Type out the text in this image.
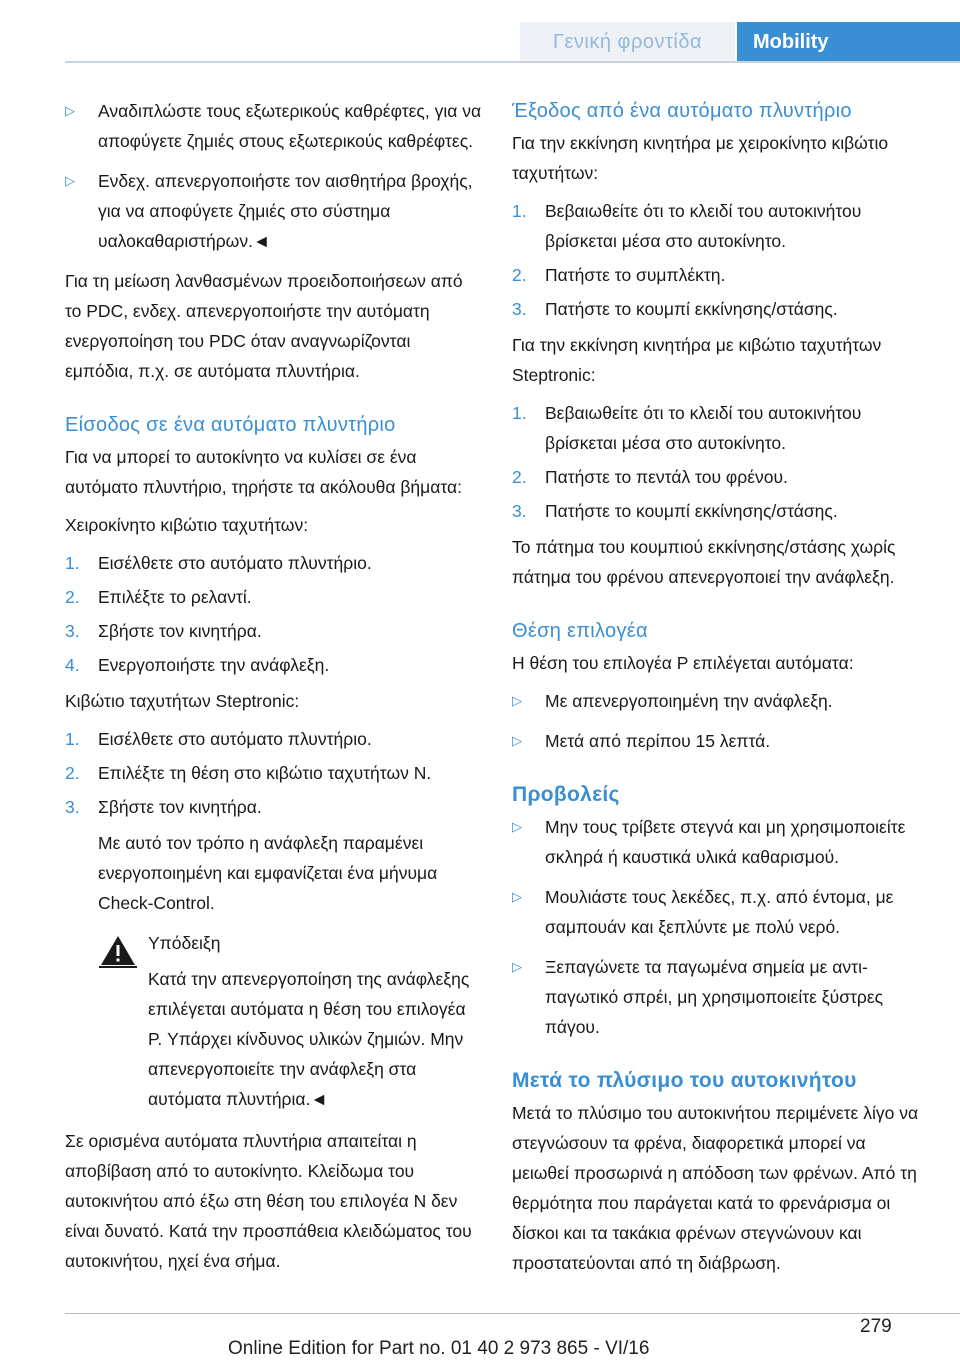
Γενική φροντίδα	Mobility
▷ Αναδιπλώστε τους εξωτερικούς καθρέφτες, για να αποφύγετε ζημιές στους εξωτερικούς καθρέφτες.
▷ Ενδεχ. απενεργοποιήστε τον αισθητήρα βροχής, για να αποφύγετε ζημιές στο σύστημα υαλοκαθαριστήρων.◄

Για τη μείωση λανθασμένων προειδοποιήσεων από το PDC, ενδεχ. απενεργοποιήστε την αυτόματη ενεργοποίηση του PDC όταν αναγνωρίζονται εμπόδια, π.χ. σε αυτόματα πλυντήρια.

Είσοδος σε ένα αυτόματο πλυντήριο

Για να μπορεί το αυτοκίνητο να κυλίσει σε ένα αυτόματο πλυντήριο, τηρήστε τα ακόλουθα βήματα:

Χειροκίνητο κιβώτιο ταχυτήτων:

1. Εισέλθετε στο αυτόματο πλυντήριο.
2. Επιλέξτε το ρελαντί.
3. Σβήστε τον κινητήρα.
4. Ενεργοποιήστε την ανάφλεξη.

Κιβώτιο ταχυτήτων Steptronic:

1. Εισέλθετε στο αυτόματο πλυντήριο.
2. Επιλέξτε τη θέση στο κιβώτιο ταχυτήτων N.
3. Σβήστε τον κινητήρα.

Με αυτό τον τρόπο η ανάφλεξη παραμένει ενεργοποιημένη και εμφανίζεται ένα μήνυμα Check-Control.

Υπόδειξη

Κατά την απενεργοποίηση της ανάφλεξης επιλέγεται αυτόματα η θέση του επιλογέα P. Υπάρχει κίνδυνος υλικών ζημιών. Μην απενεργοποιείτε την ανάφλεξη στα αυτόματα πλυντήρια.◄

Σε ορισμένα αυτόματα πλυντήρια απαιτείται η αποβίβαση από το αυτοκίνητο. Κλείδωμα του αυτοκινήτου από έξω στη θέση του επιλογέα N δεν είναι δυνατό. Κατά την προσπάθεια κλειδώματος του αυτοκινήτου, ηχεί ένα σήμα.

Έξοδος από ένα αυτόματο πλυντήριο

Για την εκκίνηση κινητήρα με χειροκίνητο κιβώτιο ταχυτήτων:

1. Βεβαιωθείτε ότι το κλειδί του αυτοκινήτου βρίσκεται μέσα στο αυτοκίνητο.
2. Πατήστε το συμπλέκτη.
3. Πατήστε το κουμπί εκκίνησης/στάσης.

Για την εκκίνηση κινητήρα με κιβώτιο ταχυτήτων Steptronic:

1. Βεβαιωθείτε ότι το κλειδί του αυτοκινήτου βρίσκεται μέσα στο αυτοκίνητο.
2. Πατήστε το πεντάλ του φρένου.
3. Πατήστε το κουμπί εκκίνησης/στάσης.

Το πάτημα του κουμπιού εκκίνησης/στάσης χωρίς πάτημα του φρένου απενεργοποιεί την ανάφλεξη.

Θέση επιλογέα

Η θέση του επιλογέα P επιλέγεται αυτόματα:

▷ Με απενεργοποιημένη την ανάφλεξη.
▷ Μετά από περίπου 15 λεπτά.
Προβολείς
▷ Μην τους τρίβετε στεγνά και μη χρησιμοποιείτε σκληρά ή καυστικά υλικά καθαρισμού.
▷ Μουλιάστε τους λεκέδες, π.χ. από έντομα, με σαμπουάν και ξεπλύντε με πολύ νερό.
▷ Ξεπαγώνετε τα παγωμένα σημεία με αντιπαγωτικό σπρέι, μη χρησιμοποιείτε ξύστρες πάγου.
Μετά το πλύσιμο του αυτοκινήτου

Μετά το πλύσιμο του αυτοκινήτου περιμένετε λίγο να στεγνώσουν τα φρένα, διαφορετικά μπορεί να μειωθεί προσωρινά η απόδοση των φρένων. Από τη θερμότητα που παράγεται κατά το φρενάρισμα οι δίσκοι και τα τακάκια φρένων στεγνώνουν και προστατεύονται από τη διάβρωση.

279
Online Edition for Part no. 01 40 2 973 865 - VI/16
